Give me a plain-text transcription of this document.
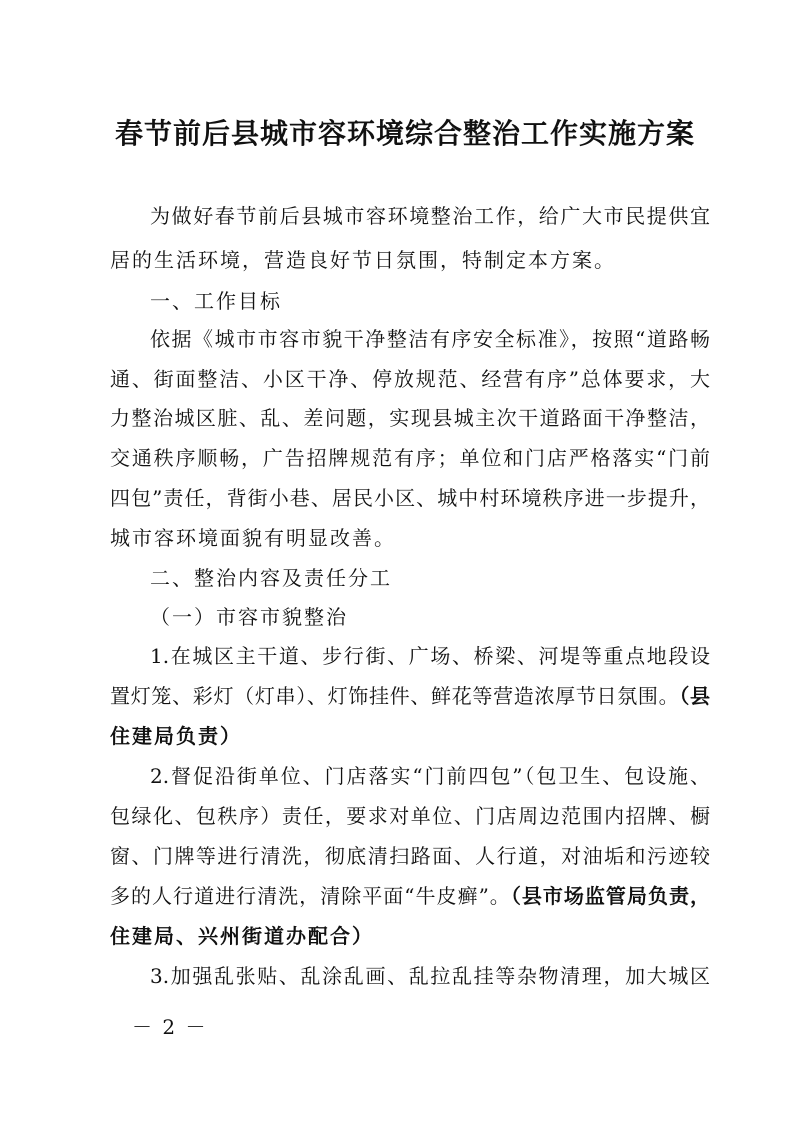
春节前后县城市容环境综合整治工作实施方案
为做好春节前后县城市容环境整治工作，给广大市民提供宜
居的生活环境，营造良好节日氛围，特制定本方案。
一、工作目标
依据《城市市容市貌干净整洁有序安全标准》，按照“道路畅
通、街面整洁、小区干净、停放规范、经营有序”总体要求，大
力整治城区脏、乱、差问题，实现县城主次干道路面干净整洁，
交通秩序顺畅，广告招牌规范有序；单位和门店严格落实“门前
四包”责任，背街小巷、居民小区、城中村环境秩序进一步提升，
城市容环境面貌有明显改善。
二、整治内容及责任分工
（一）市容市貌整治
1.在城区主干道、步行街、广场、桥梁、河堤等重点地段设
置灯笼、彩灯（灯串）、灯饰挂件、鲜花等营造浓厚节日氛围。（县
住建局负责）
2.督促沿街单位、门店落实“门前四包”（包卫生、包设施、
包绿化、包秩序）责任，要求对单位、门店周边范围内招牌、橱
窗、门牌等进行清洗，彻底清扫路面、人行道，对油垢和污迹较
多的人行道进行清洗，清除平面“牛皮癣”。（县市场监管局负责，
住建局、兴州街道办配合）
3.加强乱张贴、乱涂乱画、乱拉乱挂等杂物清理，加大城区
－ 2 －
